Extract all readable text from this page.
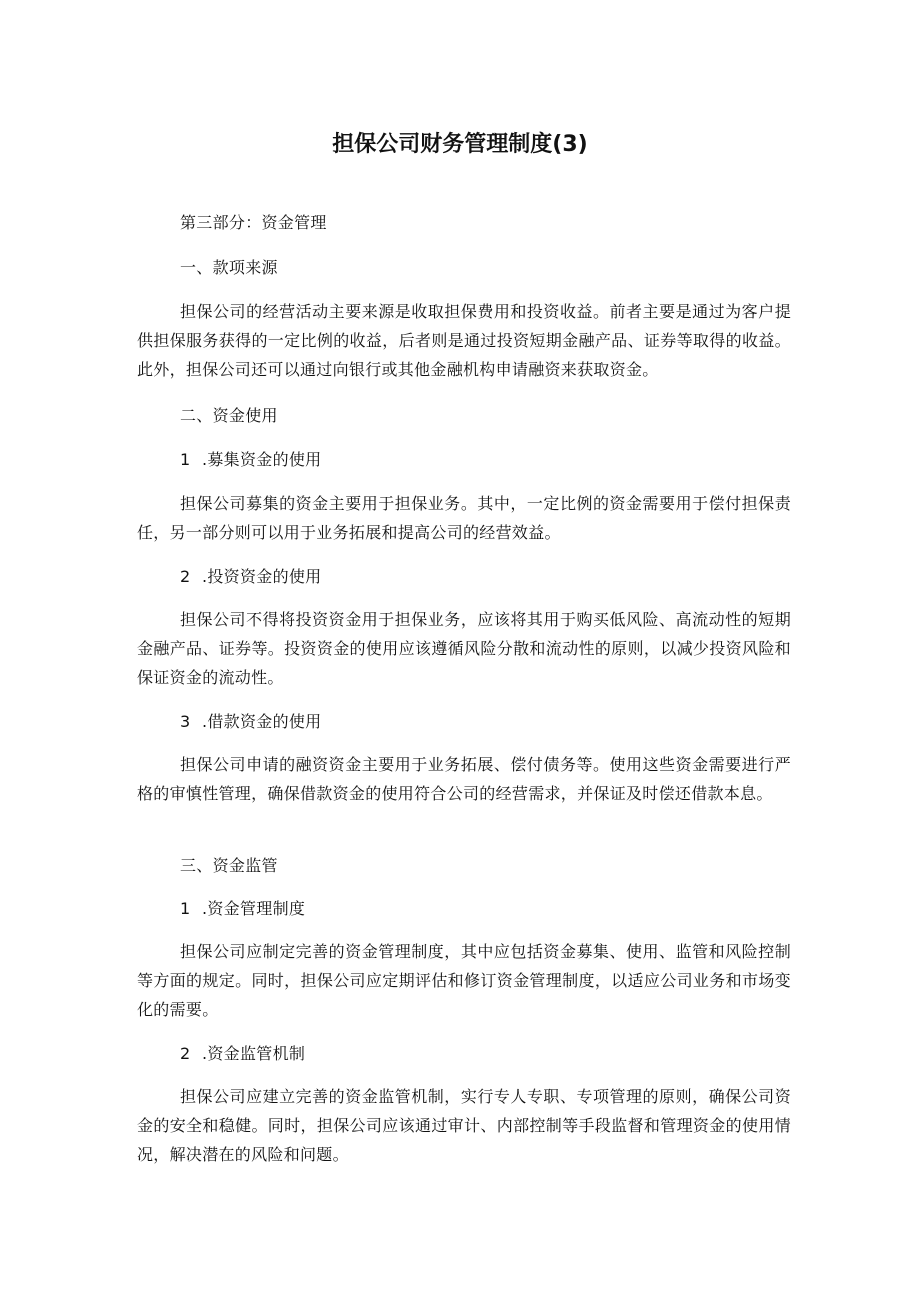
担保公司财务管理制度(3)
第三部分：资金管理
一、款项来源
担保公司的经营活动主要来源是收取担保费用和投资收益。前者主要是通过为客户提供担保服务获得的一定比例的收益，后者则是通过投资短期金融产品、证券等取得的收益。此外，担保公司还可以通过向银行或其他金融机构申请融资来获取资金。
二、资金使用
1 .募集资金的使用
担保公司募集的资金主要用于担保业务。其中，一定比例的资金需要用于偿付担保责任，另一部分则可以用于业务拓展和提高公司的经营效益。
2 .投资资金的使用
担保公司不得将投资资金用于担保业务，应该将其用于购买低风险、高流动性的短期金融产品、证券等。投资资金的使用应该遵循风险分散和流动性的原则，以减少投资风险和保证资金的流动性。
3 .借款资金的使用
担保公司申请的融资资金主要用于业务拓展、偿付债务等。使用这些资金需要进行严格的审慎性管理，确保借款资金的使用符合公司的经营需求，并保证及时偿还借款本息。
三、资金监管
1 .资金管理制度
担保公司应制定完善的资金管理制度，其中应包括资金募集、使用、监管和风险控制等方面的规定。同时，担保公司应定期评估和修订资金管理制度，以适应公司业务和市场变化的需要。
2 .资金监管机制
担保公司应建立完善的资金监管机制，实行专人专职、专项管理的原则，确保公司资金的安全和稳健。同时，担保公司应该通过审计、内部控制等手段监督和管理资金的使用情况，解决潜在的风险和问题。
